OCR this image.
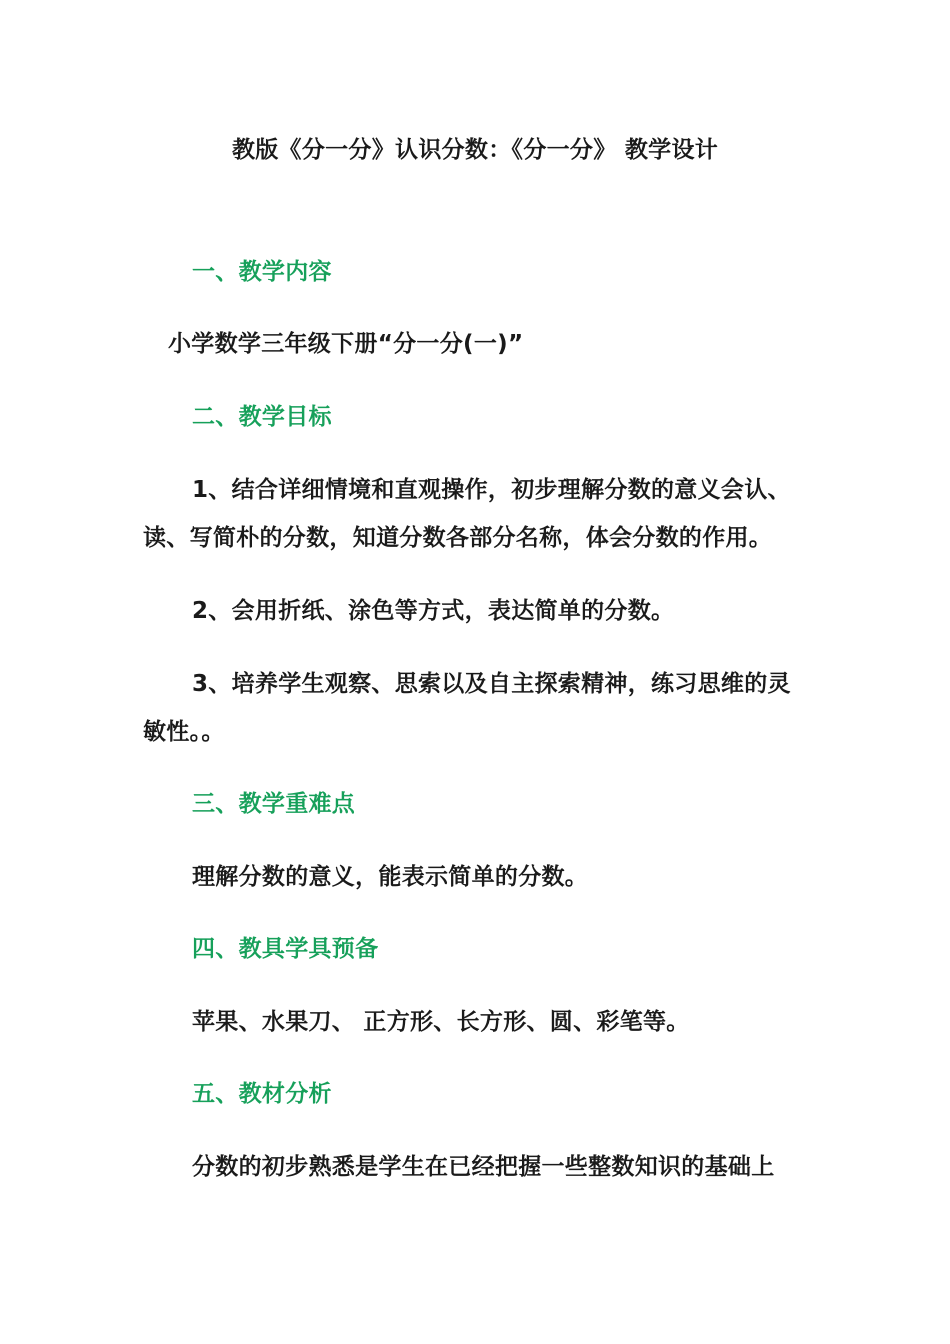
教版《分一分》认识分数：《分一分》 教学设计

一、教学内容

小学数学三年级下册“分一分(一)”

二、教学目标

1、结合详细情境和直观操作，初步理解分数的意义会认、

读、写简朴的分数，知道分数各部分名称，体会分数的作用。

2、会用折纸、涂色等方式，表达简单的分数。

3、培养学生观察、思索以及自主探索精神，练习思维的灵

敏性。。

三、教学重难点

理解分数的意义，能表示简单的分数。

四、教具学具预备

苹果、水果刀、 正方形、长方形、圆、彩笔等。

五、教材分析

分数的初步熟悉是学生在已经把握一些整数知识的基础上
